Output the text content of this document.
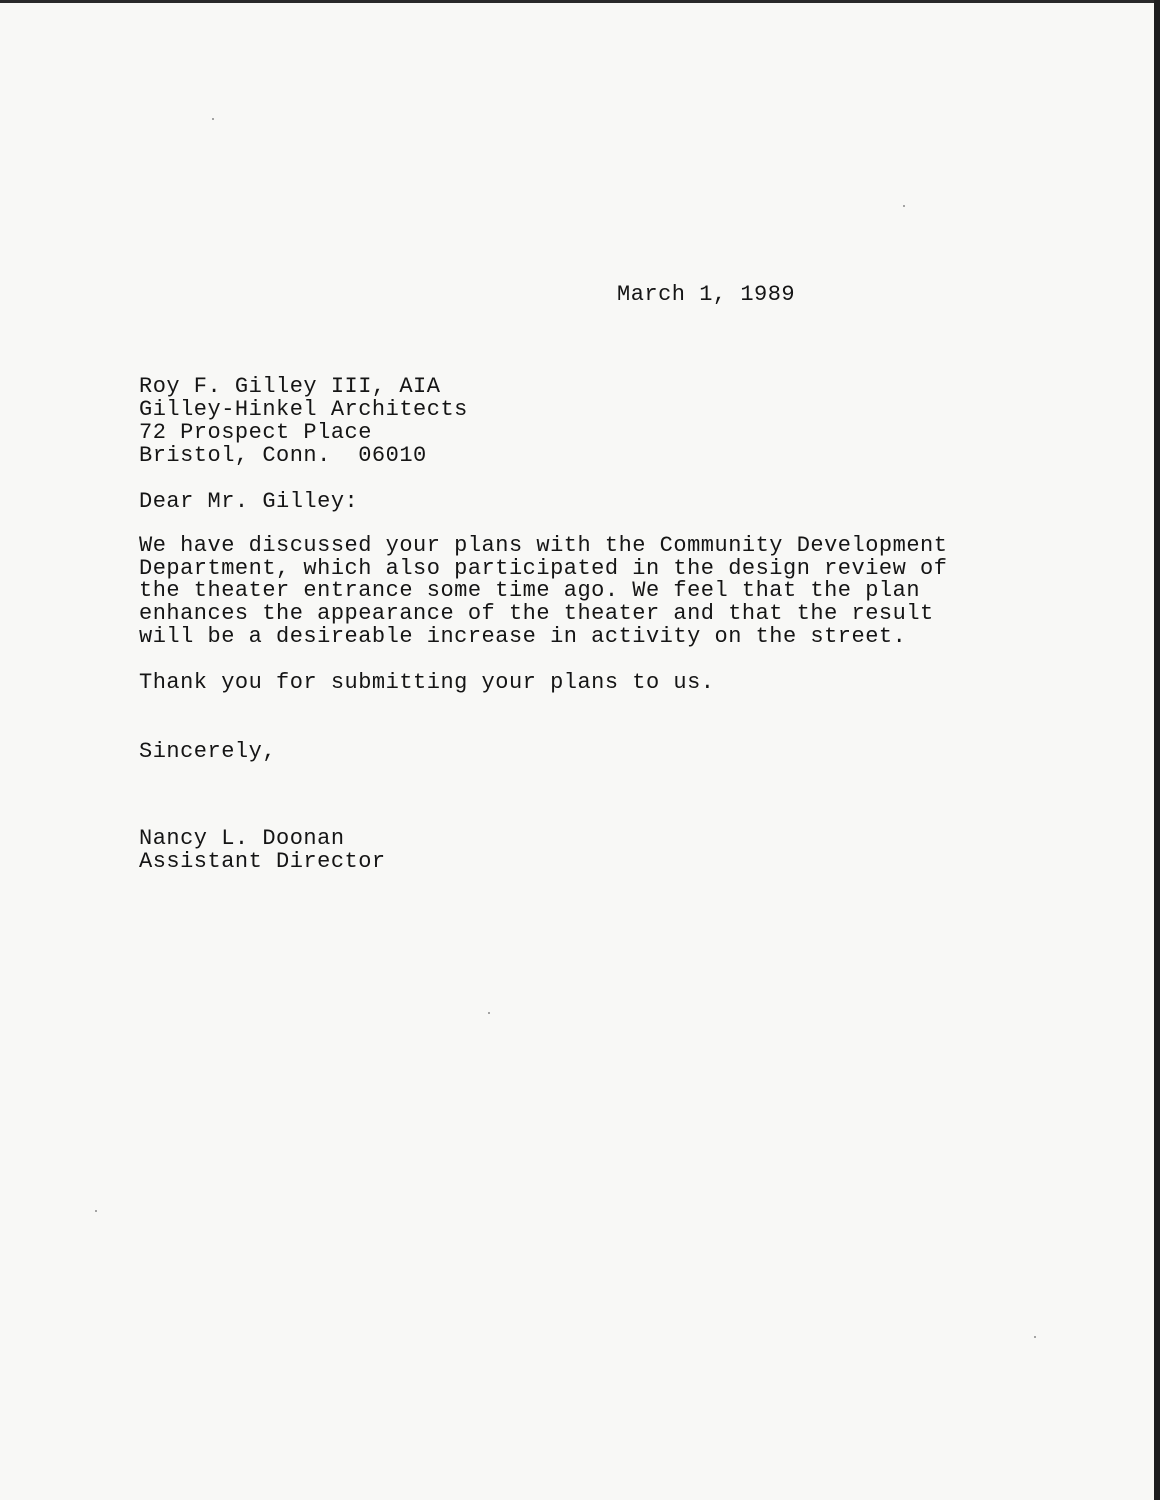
March 1, 1989
Roy F. Gilley III, AIA
Gilley-Hinkel Architects
72 Prospect Place
Bristol, Conn.  06010
Dear Mr. Gilley:
We have discussed your plans with the Community Development
Department, which also participated in the design review of
the theater entrance some time ago. We feel that the plan
enhances the appearance of the theater and that the result
will be a desireable increase in activity on the street.
Thank you for submitting your plans to us.
Sincerely,
Nancy L. Doonan
Assistant Director
